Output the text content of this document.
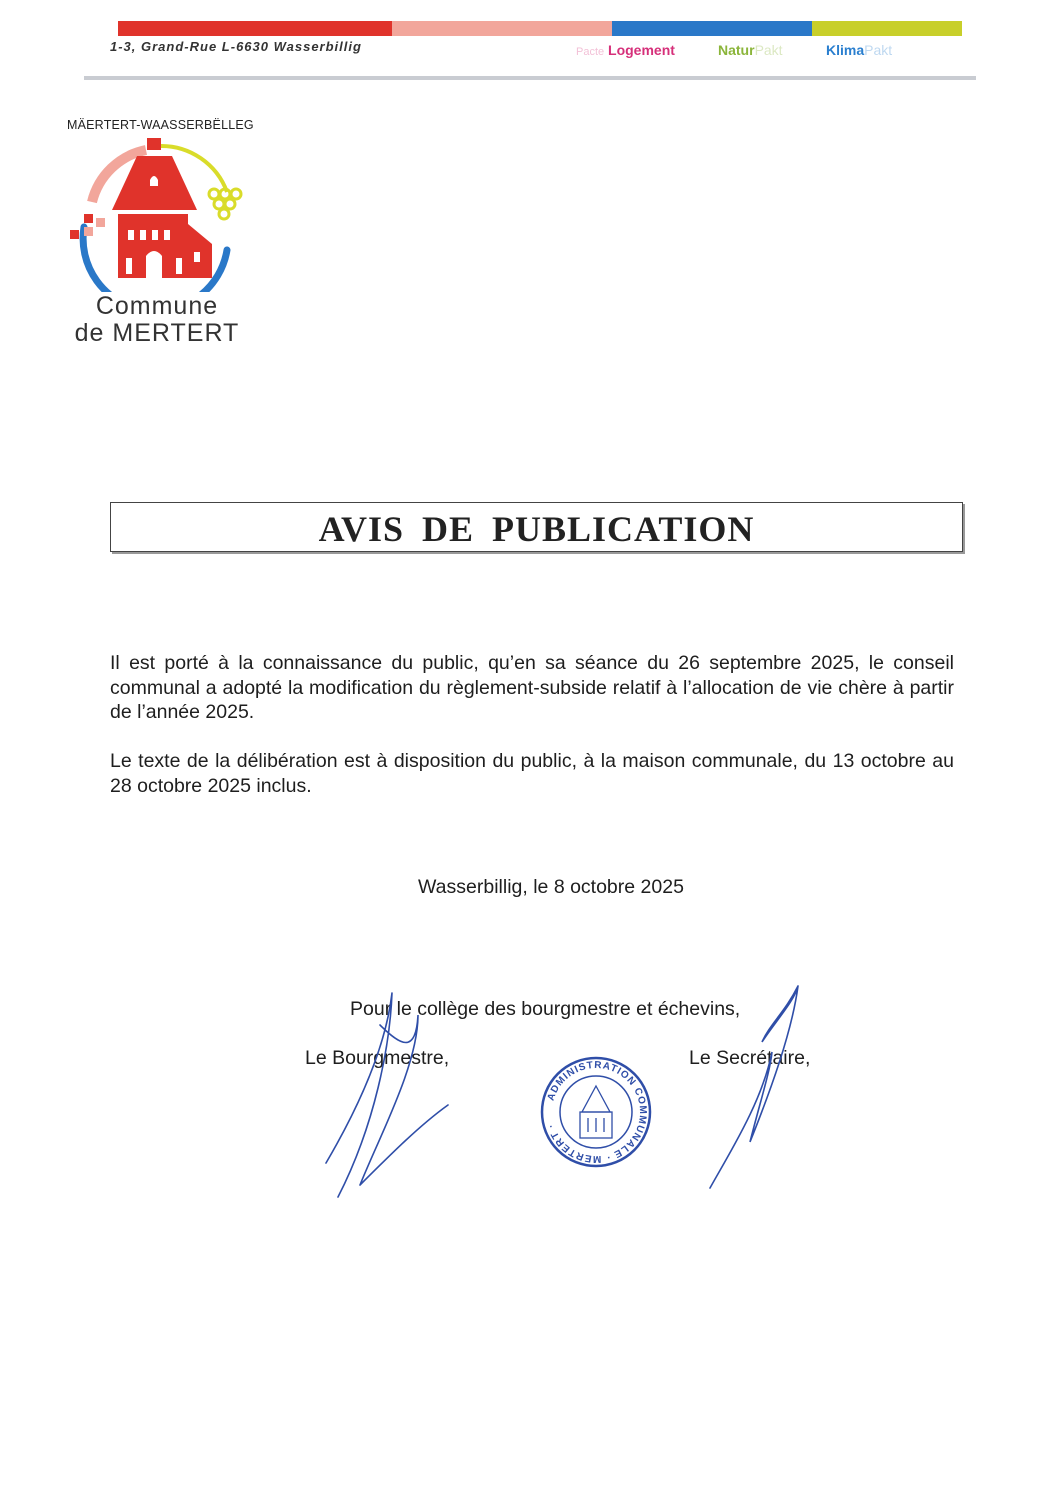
1-3, Grand-Rue L-6630 Wasserbillig	Pacte Logement	NaturPakt	KlimaPakt
MÄERTERT-WAASSERBËLLEG
Commune
de MERTERT
AVIS DE PUBLICATION
Il est porté à la connaissance du public, qu’en sa séance du 26 septembre 2025, le conseil communal a adopté la modification du règlement-subside relatif à l’allocation de vie chère à partir de l’année 2025.
Le texte de la délibération est à disposition du public, à la maison communale, du 13 octobre au 28 octobre 2025 inclus.
Wasserbillig, le 8 octobre 2025
Pour le collège des bourgmestre et échevins,
Le Bourgmestre,	Le Secrétaire,
ADMINISTRATION COMMUNALE · MERTERT ·
